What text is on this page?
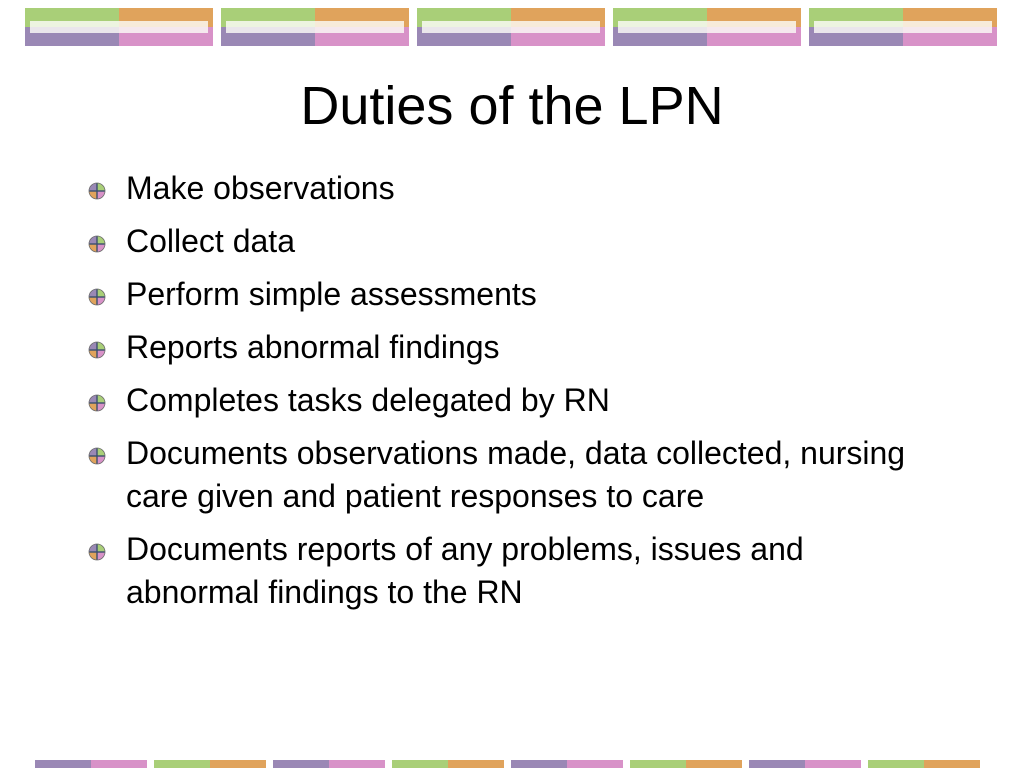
Duties of the LPN
Make observations
Collect data
Perform simple assessments
Reports abnormal findings
Completes tasks delegated by RN
Documents observations made, data collected, nursing care given and patient responses to care
Documents reports of any problems, issues and abnormal findings to the RN
